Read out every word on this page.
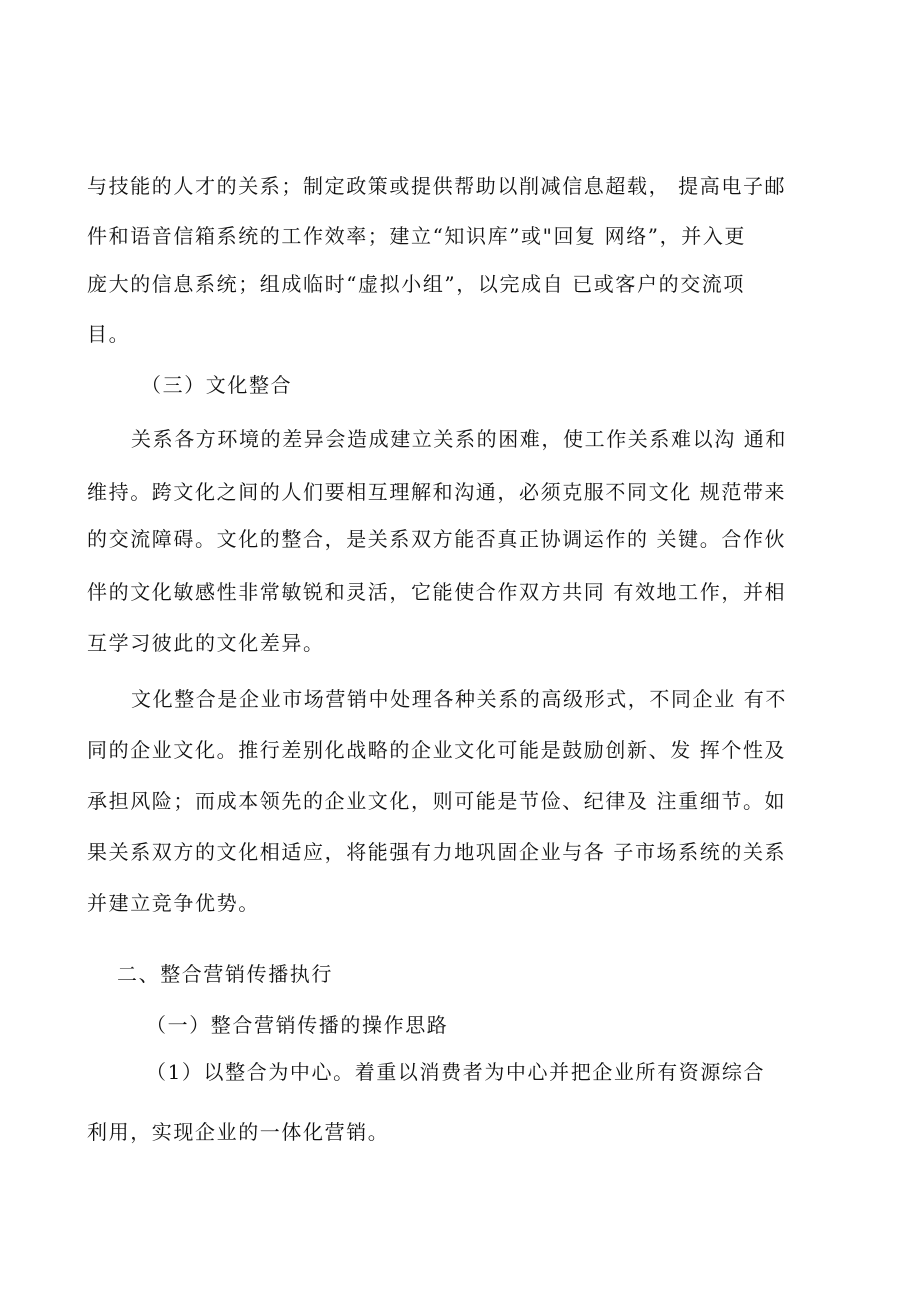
与技能的人才的关系；制定政策或提供帮助以削减信息超载， 提高电子邮

件和语音信箱系统的工作效率；建立“知识库”或"回复 网络”，并入更

庞大的信息系统；组成临时“虚拟小组”，以完成自 已或客户的交流项

目。

（三）文化整合

关系各方环境的差异会造成建立关系的困难，使工作关系难以沟 通和

维持。跨文化之间的人们要相互理解和沟通，必须克服不同文化 规范带来

的交流障碍。文化的整合，是关系双方能否真正协调运作的 关键。合作伙

伴的文化敏感性非常敏锐和灵活，它能使合作双方共同 有效地工作，并相

互学习彼此的文化差异。

文化整合是企业市场营销中处理各种关系的高级形式，不同企业 有不

同的企业文化。推行差别化战略的企业文化可能是鼓励创新、发 挥个性及

承担风险；而成本领先的企业文化，则可能是节俭、纪律及 注重细节。如

果关系双方的文化相适应，将能强有力地巩固企业与各 子市场系统的关系

并建立竞争优势。

二、整合营销传播执行

（一）整合营销传播的操作思路

（1）以整合为中心。着重以消费者为中心并把企业所有资源综合

利用，实现企业的一体化营销。
